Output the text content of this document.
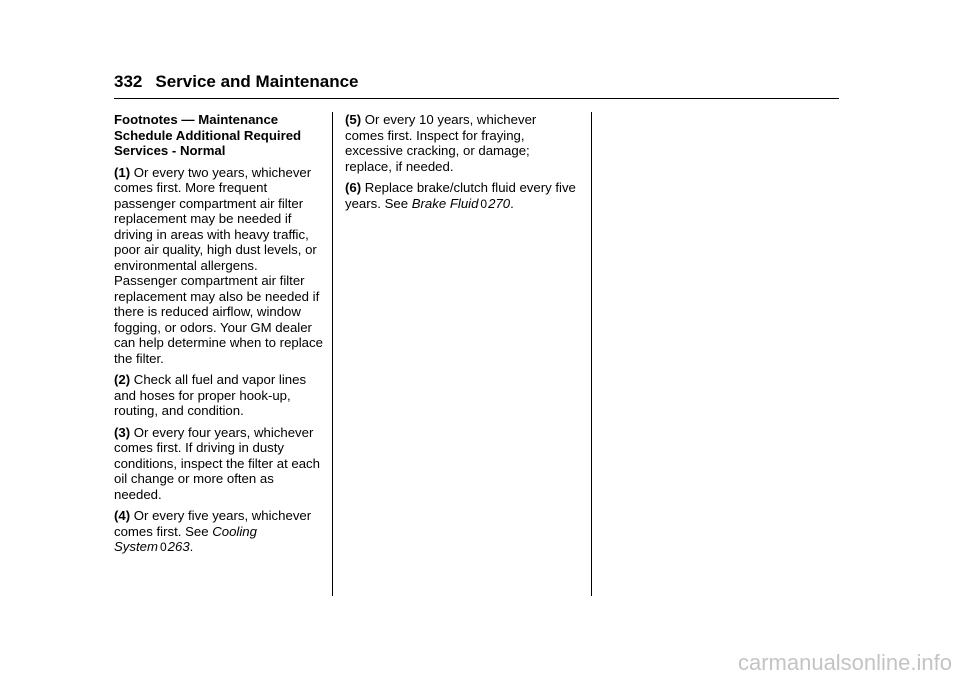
332 Service and Maintenance

Footnotes — Maintenance Schedule Additional Required Services - Normal

(1) Or every two years, whichever comes first. More frequent passenger compartment air filter replacement may be needed if driving in areas with heavy traffic, poor air quality, high dust levels, or environmental allergens. Passenger compartment air filter replacement may also be needed if there is reduced airflow, window fogging, or odors. Your GM dealer can help determine when to replace the filter.

(2) Check all fuel and vapor lines and hoses for proper hook-up, routing, and condition.

(3) Or every four years, whichever comes first. If driving in dusty conditions, inspect the filter at each oil change or more often as needed.

(4) Or every five years, whichever comes first. See Cooling System 0263.

(5) Or every 10 years, whichever comes first. Inspect for fraying, excessive cracking, or damage; replace, if needed.

(6) Replace brake/clutch fluid every five years. See Brake Fluid 0270.

carmanualsonline.info
